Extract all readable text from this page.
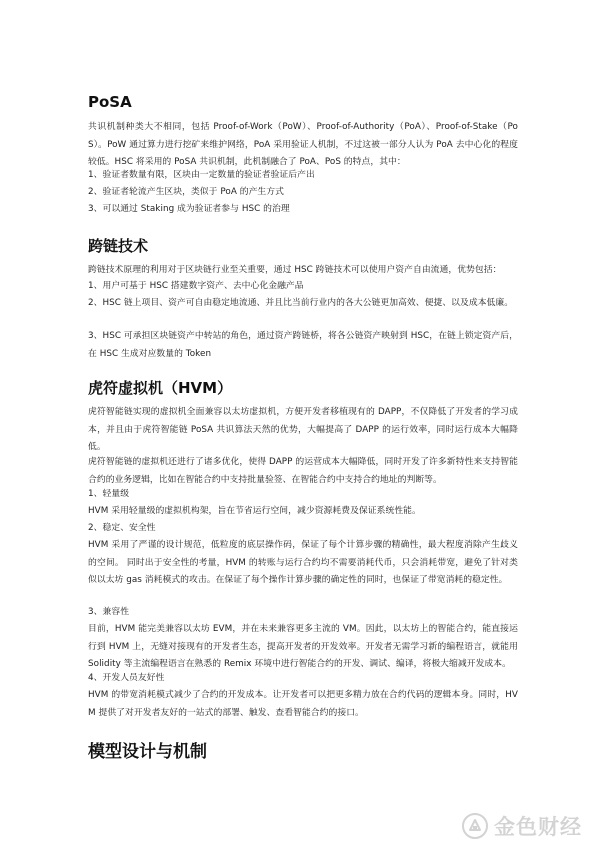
PoSA
共识机制种类大不相同，包括 Proof-of-Work（PoW）、Proof-of-Authority（PoA）、Proof-of-Stake（PoS）。PoW 通过算力进行挖矿来维护网络，PoA 采用验证人机制，不过这被一部分人认为 PoA 去中心化的程度较低。HSC 将采用的 PoSA 共识机制，此机制融合了 PoA、PoS 的特点，其中：
1、验证者数量有限，区块由一定数量的验证者验证后产出
2、验证者轮流产生区块，类似于 PoA 的产生方式
3、可以通过 Staking 成为验证者参与 HSC 的治理
跨链技术
跨链技术原理的利用对于区块链行业至关重要，通过 HSC 跨链技术可以使用户资产自由流通，优势包括：
1、用户可基于 HSC 搭建数字资产、去中心化金融产品
2、HSC 链上项目、资产可自由稳定地流通、并且比当前行业内的各大公链更加高效、便捷、以及成本低廉。
3、HSC 可承担区块链资产中转站的角色，通过资产跨链桥，将各公链资产映射到 HSC，在链上锁定资产后，在 HSC 生成对应数量的 Token
虎符虚拟机（HVM）
虎符智能链实现的虚拟机全面兼容以太坊虚拟机，方便开发者移植现有的 DAPP，不仅降低了开发者的学习成本，并且由于虎符智能链 PoSA 共识算法天然的优势，大幅提高了 DAPP 的运行效率，同时运行成本大幅降低。
虎符智能链的虚拟机还进行了诸多优化，使得 DAPP 的运营成本大幅降低，同时开发了许多新特性来支持智能合约的业务逻辑，比如在智能合约中支持批量验签、在智能合约中支持合约地址的判断等。
1、轻量级
HVM 采用轻量级的虚拟机构架，旨在节省运行空间，减少资源耗费及保证系统性能。
2、稳定、安全性
HVM 采用了严谨的设计规范，低粒度的底层操作码，保证了每个计算步骤的精确性，最大程度消除产生歧义的空间。 同时出于安全性的考量，HVM 的转账与运行合约均不需要消耗代币，只会消耗带宽，避免了针对类似以太坊 gas 消耗模式的攻击。在保证了每个操作计算步骤的确定性的同时，也保证了带宽消耗的稳定性。
3、兼容性
目前，HVM 能完美兼容以太坊 EVM，并在未来兼容更多主流的 VM。因此，以太坊上的智能合约，能直接运行到 HVM 上，无缝对接现有的开发者生态，提高开发者的开发效率。开发者无需学习新的编程语言，就能用 Solidity 等主流编程语言在熟悉的 Remix 环境中进行智能合约的开发、调试、编译，将极大缩减开发成本。
4、开发人员友好性
HVM 的带宽消耗模式减少了合约的开发成本。让开发者可以把更多精力放在合约代码的逻辑本身。同时，HVM 提供了对开发者友好的一站式的部署、触发、查看智能合约的接口。
模型设计与机制
金色财经
